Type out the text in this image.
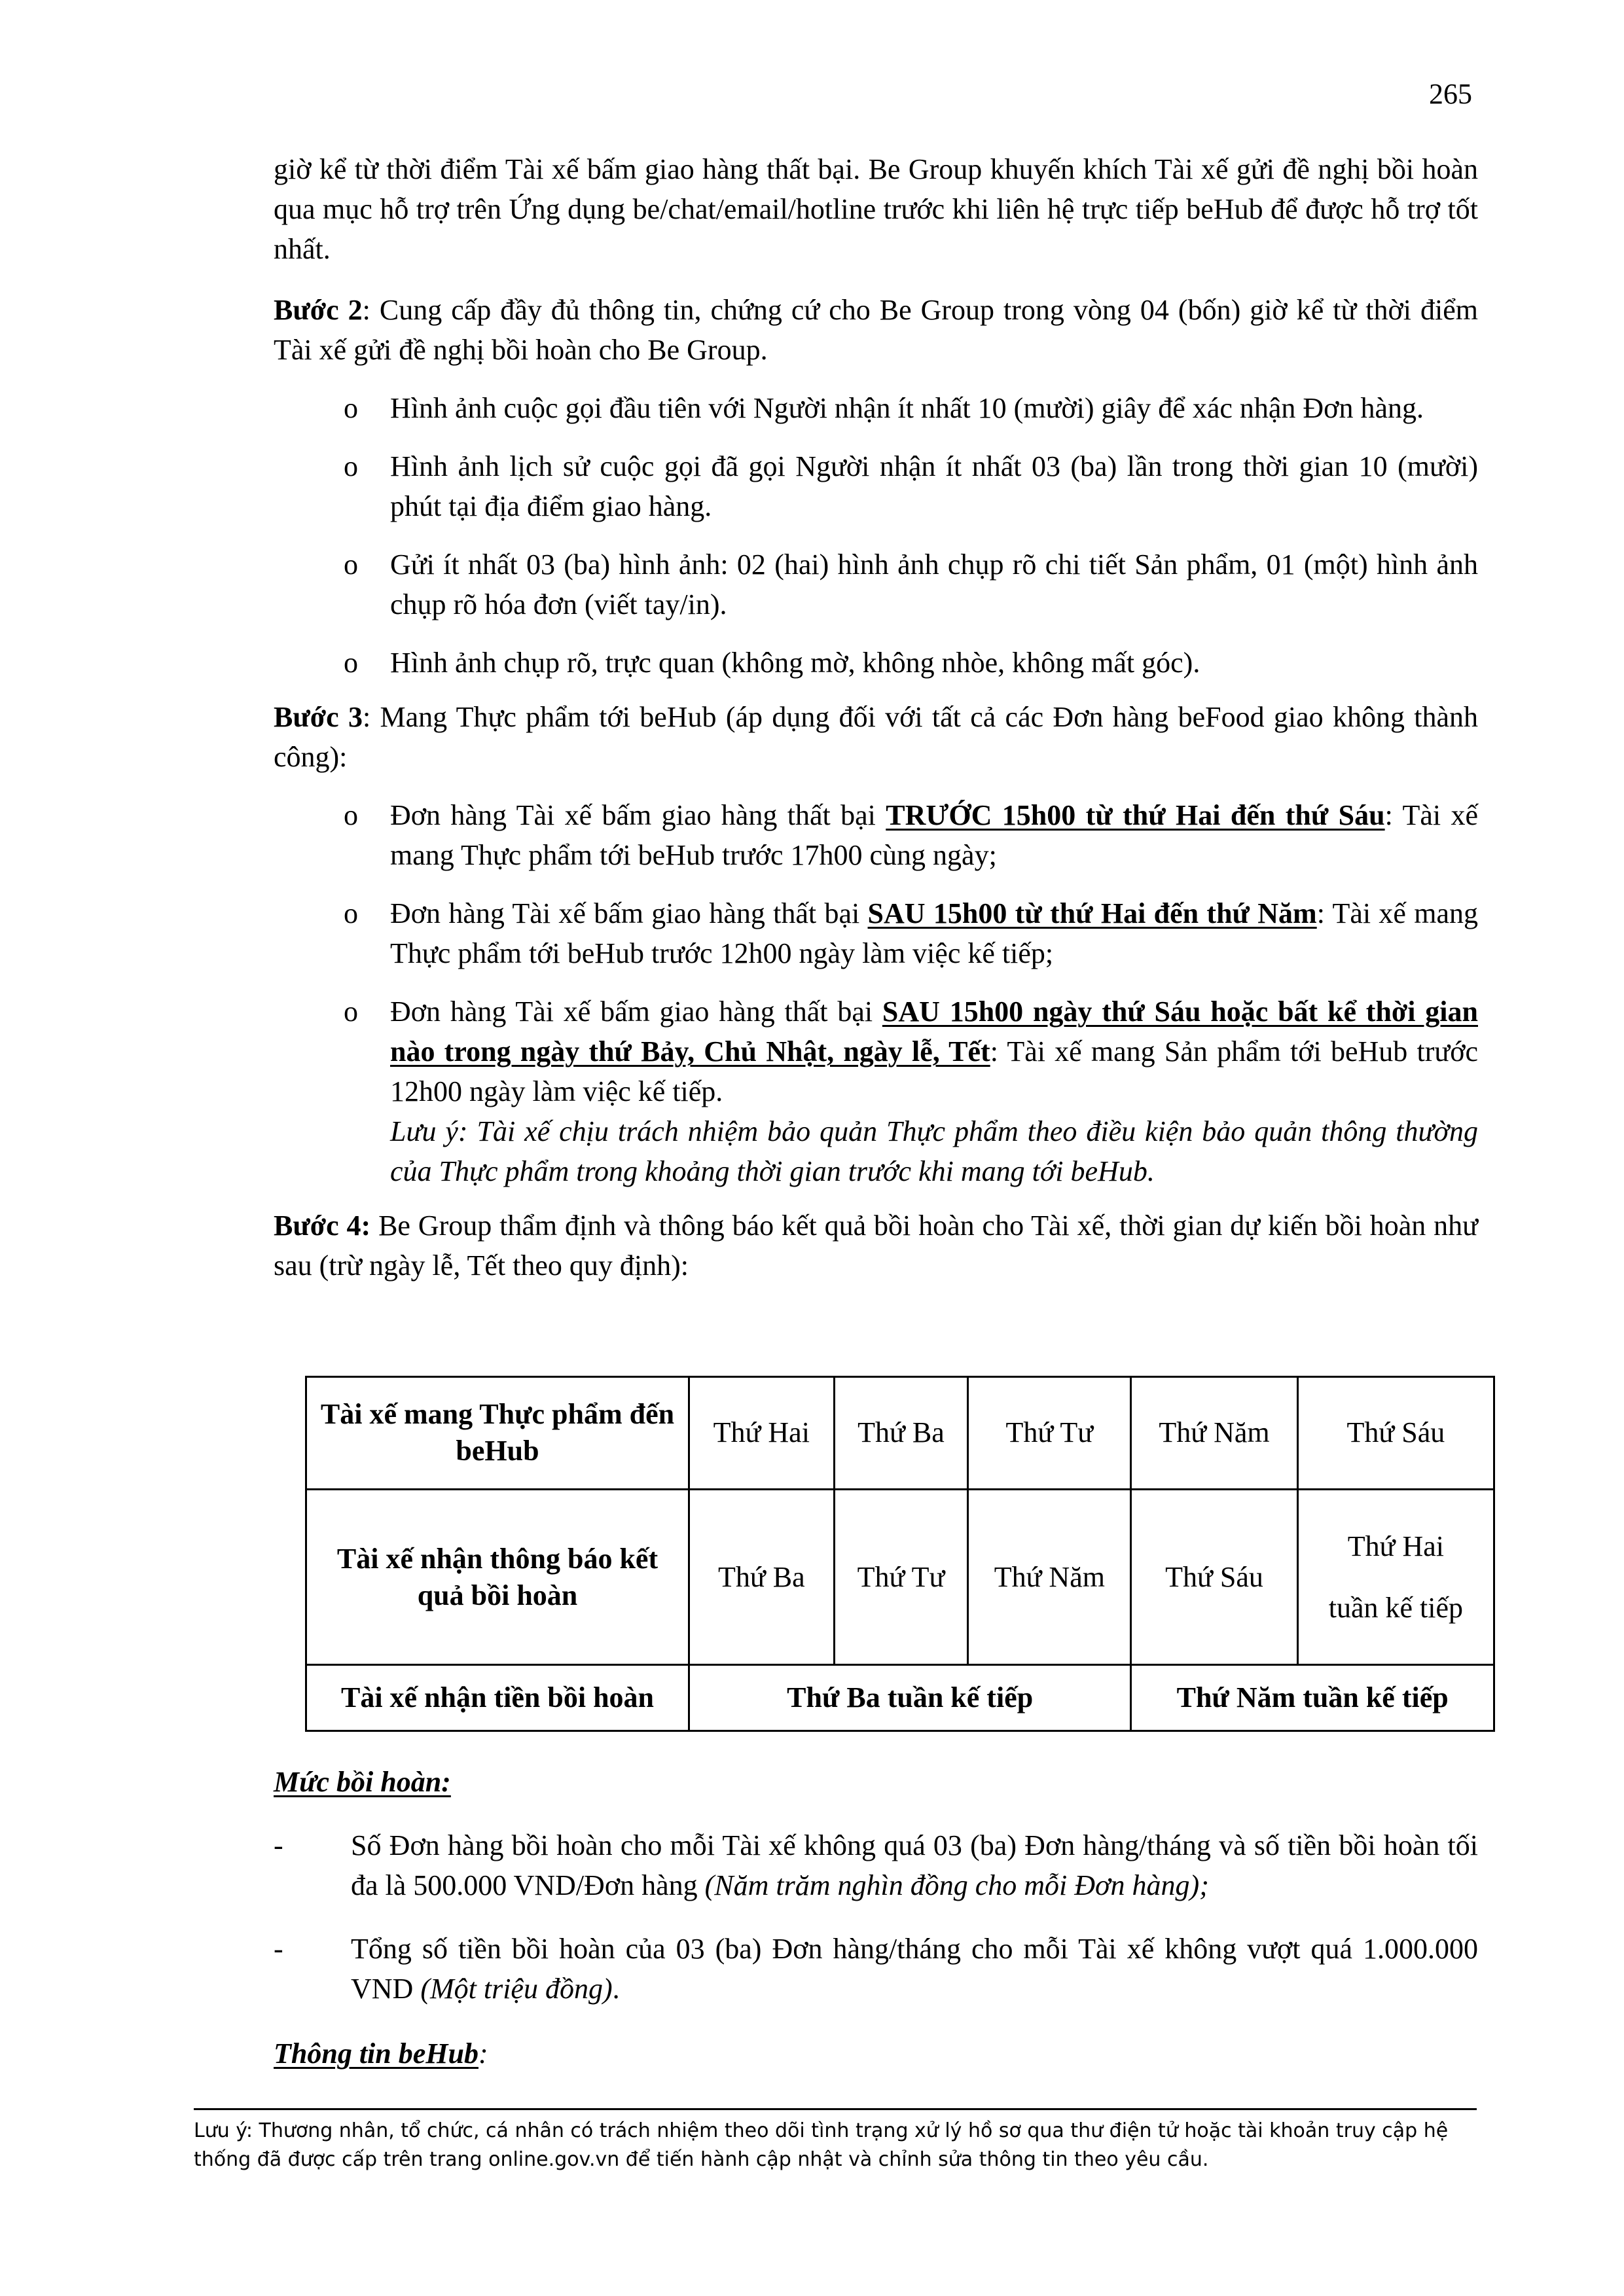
265

giờ kể từ thời điểm Tài xế bấm giao hàng thất bại. Be Group khuyến khích Tài xế gửi đề nghị bồi hoàn qua mục hỗ trợ trên Ứng dụng be/chat/email/hotline trước khi liên hệ trực tiếp beHub để được hỗ trợ tốt nhất.

Bước 2: Cung cấp đầy đủ thông tin, chứng cứ cho Be Group trong vòng 04 (bốn) giờ kể từ thời điểm Tài xế gửi đề nghị bồi hoàn cho Be Group.

o Hình ảnh cuộc gọi đầu tiên với Người nhận ít nhất 10 (mười) giây để xác nhận Đơn hàng.
o Hình ảnh lịch sử cuộc gọi đã gọi Người nhận ít nhất 03 (ba) lần trong thời gian 10 (mười) phút tại địa điểm giao hàng.
o Gửi ít nhất 03 (ba) hình ảnh: 02 (hai) hình ảnh chụp rõ chi tiết Sản phẩm, 01 (một) hình ảnh chụp rõ hóa đơn (viết tay/in).
o Hình ảnh chụp rõ, trực quan (không mờ, không nhòe, không mất góc).

Bước 3: Mang Thực phẩm tới beHub (áp dụng đối với tất cả các Đơn hàng beFood giao không thành công):

o Đơn hàng Tài xế bấm giao hàng thất bại TRƯỚC 15h00 từ thứ Hai đến thứ Sáu: Tài xế mang Thực phẩm tới beHub trước 17h00 cùng ngày;
o Đơn hàng Tài xế bấm giao hàng thất bại SAU 15h00 từ thứ Hai đến thứ Năm: Tài xế mang Thực phẩm tới beHub trước 12h00 ngày làm việc kế tiếp;
o Đơn hàng Tài xế bấm giao hàng thất bại SAU 15h00 ngày thứ Sáu hoặc bất kể thời gian nào trong ngày thứ Bảy, Chủ Nhật, ngày lễ, Tết: Tài xế mang Sản phẩm tới beHub trước 12h00 ngày làm việc kế tiếp.

Lưu ý: Tài xế chịu trách nhiệm bảo quản Thực phẩm theo điều kiện bảo quản thông thường của Thực phẩm trong khoảng thời gian trước khi mang tới beHub.

Bước 4: Be Group thẩm định và thông báo kết quả bồi hoàn cho Tài xế, thời gian dự kiến bồi hoàn như sau (trừ ngày lễ, Tết theo quy định):

Tài xế mang Thực phẩm đến beHub	Thứ Hai	Thứ Ba	Thứ Tư	Thứ Năm	Thứ Sáu
Tài xế nhận thông báo kết quả bồi hoàn	Thứ Ba	Thứ Tư	Thứ Năm	Thứ Sáu	Thứ Hai
tuần kế tiếp
Tài xế nhận tiền bồi hoàn	Thứ Ba tuần kế tiếp			Thứ Năm tuần kế tiếp	

Mức bồi hoàn:

- Số Đơn hàng bồi hoàn cho mỗi Tài xế không quá 03 (ba) Đơn hàng/tháng và số tiền bồi hoàn tối đa là 500.000 VND/Đơn hàng (Năm trăm nghìn đồng cho mỗi Đơn hàng);
- Tổng số tiền bồi hoàn của 03 (ba) Đơn hàng/tháng cho mỗi Tài xế không vượt quá 1.000.000 VND (Một triệu đồng).

Thông tin beHub:

Lưu ý: Thương nhân, tổ chức, cá nhân có trách nhiệm theo dõi tình trạng xử lý hồ sơ qua thư điện tử hoặc tài khoản truy cập hệ thống đã được cấp trên trang online.gov.vn để tiến hành cập nhật và chỉnh sửa thông tin theo yêu cầu.
